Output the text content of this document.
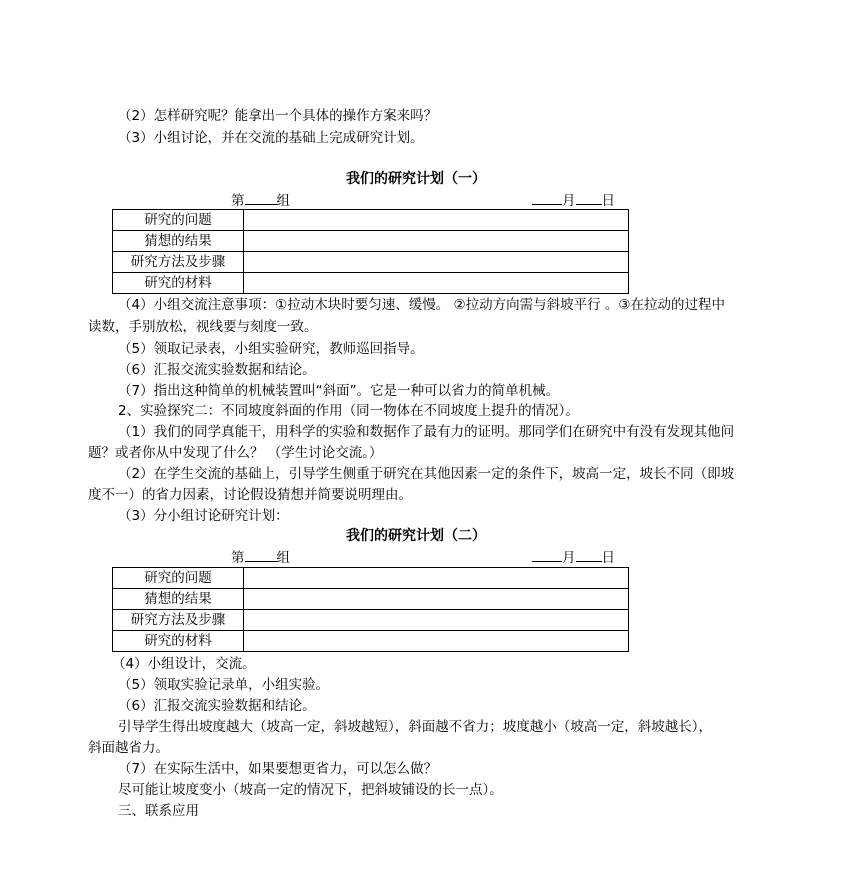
（2）怎样研究呢？能拿出一个具体的操作方案来吗？
（3）小组讨论，并在交流的基础上完成研究计划。
我们的研究计划（一）
第 组	月 日
研究的问题	
猜想的结果	
研究方法及步骤	
研究的材料	
（4）小组交流注意事项：①拉动木块时要匀速、缓慢。 ②拉动方向需与斜坡平行 。③在拉动的过程中
读数，手别放松，视线要与刻度一致。
（5）领取记录表，小组实验研究，教师巡回指导。
（6）汇报交流实验数据和结论。
（7）指出这种简单的机械装置叫“斜面”。它是一种可以省力的简单机械。
2、实验探究二：不同坡度斜面的作用（同一物体在不同坡度上提升的情况）。
（1）我们的同学真能干，用科学的实验和数据作了最有力的证明。那同学们在研究中有没有发现其他问
题？或者你从中发现了什么？ （学生讨论交流。）
（2）在学生交流的基础上，引导学生侧重于研究在其他因素一定的条件下，坡高一定，坡长不同（即坡
度不一）的省力因素，讨论假设猜想并简要说明理由。
（3）分小组讨论研究计划：
我们的研究计划（二）
第 组	月 日
研究的问题	
猜想的结果	
研究方法及步骤	
研究的材料	
（4）小组设计，交流。
（5）领取实验记录单，小组实验。
（6）汇报交流实验数据和结论。
引导学生得出坡度越大（坡高一定，斜坡越短），斜面越不省力；坡度越小（坡高一定，斜坡越长），
斜面越省力。
（7）在实际生活中，如果要想更省力，可以怎么做？
尽可能让坡度变小（坡高一定的情况下，把斜坡铺设的长一点）。
三、联系应用
